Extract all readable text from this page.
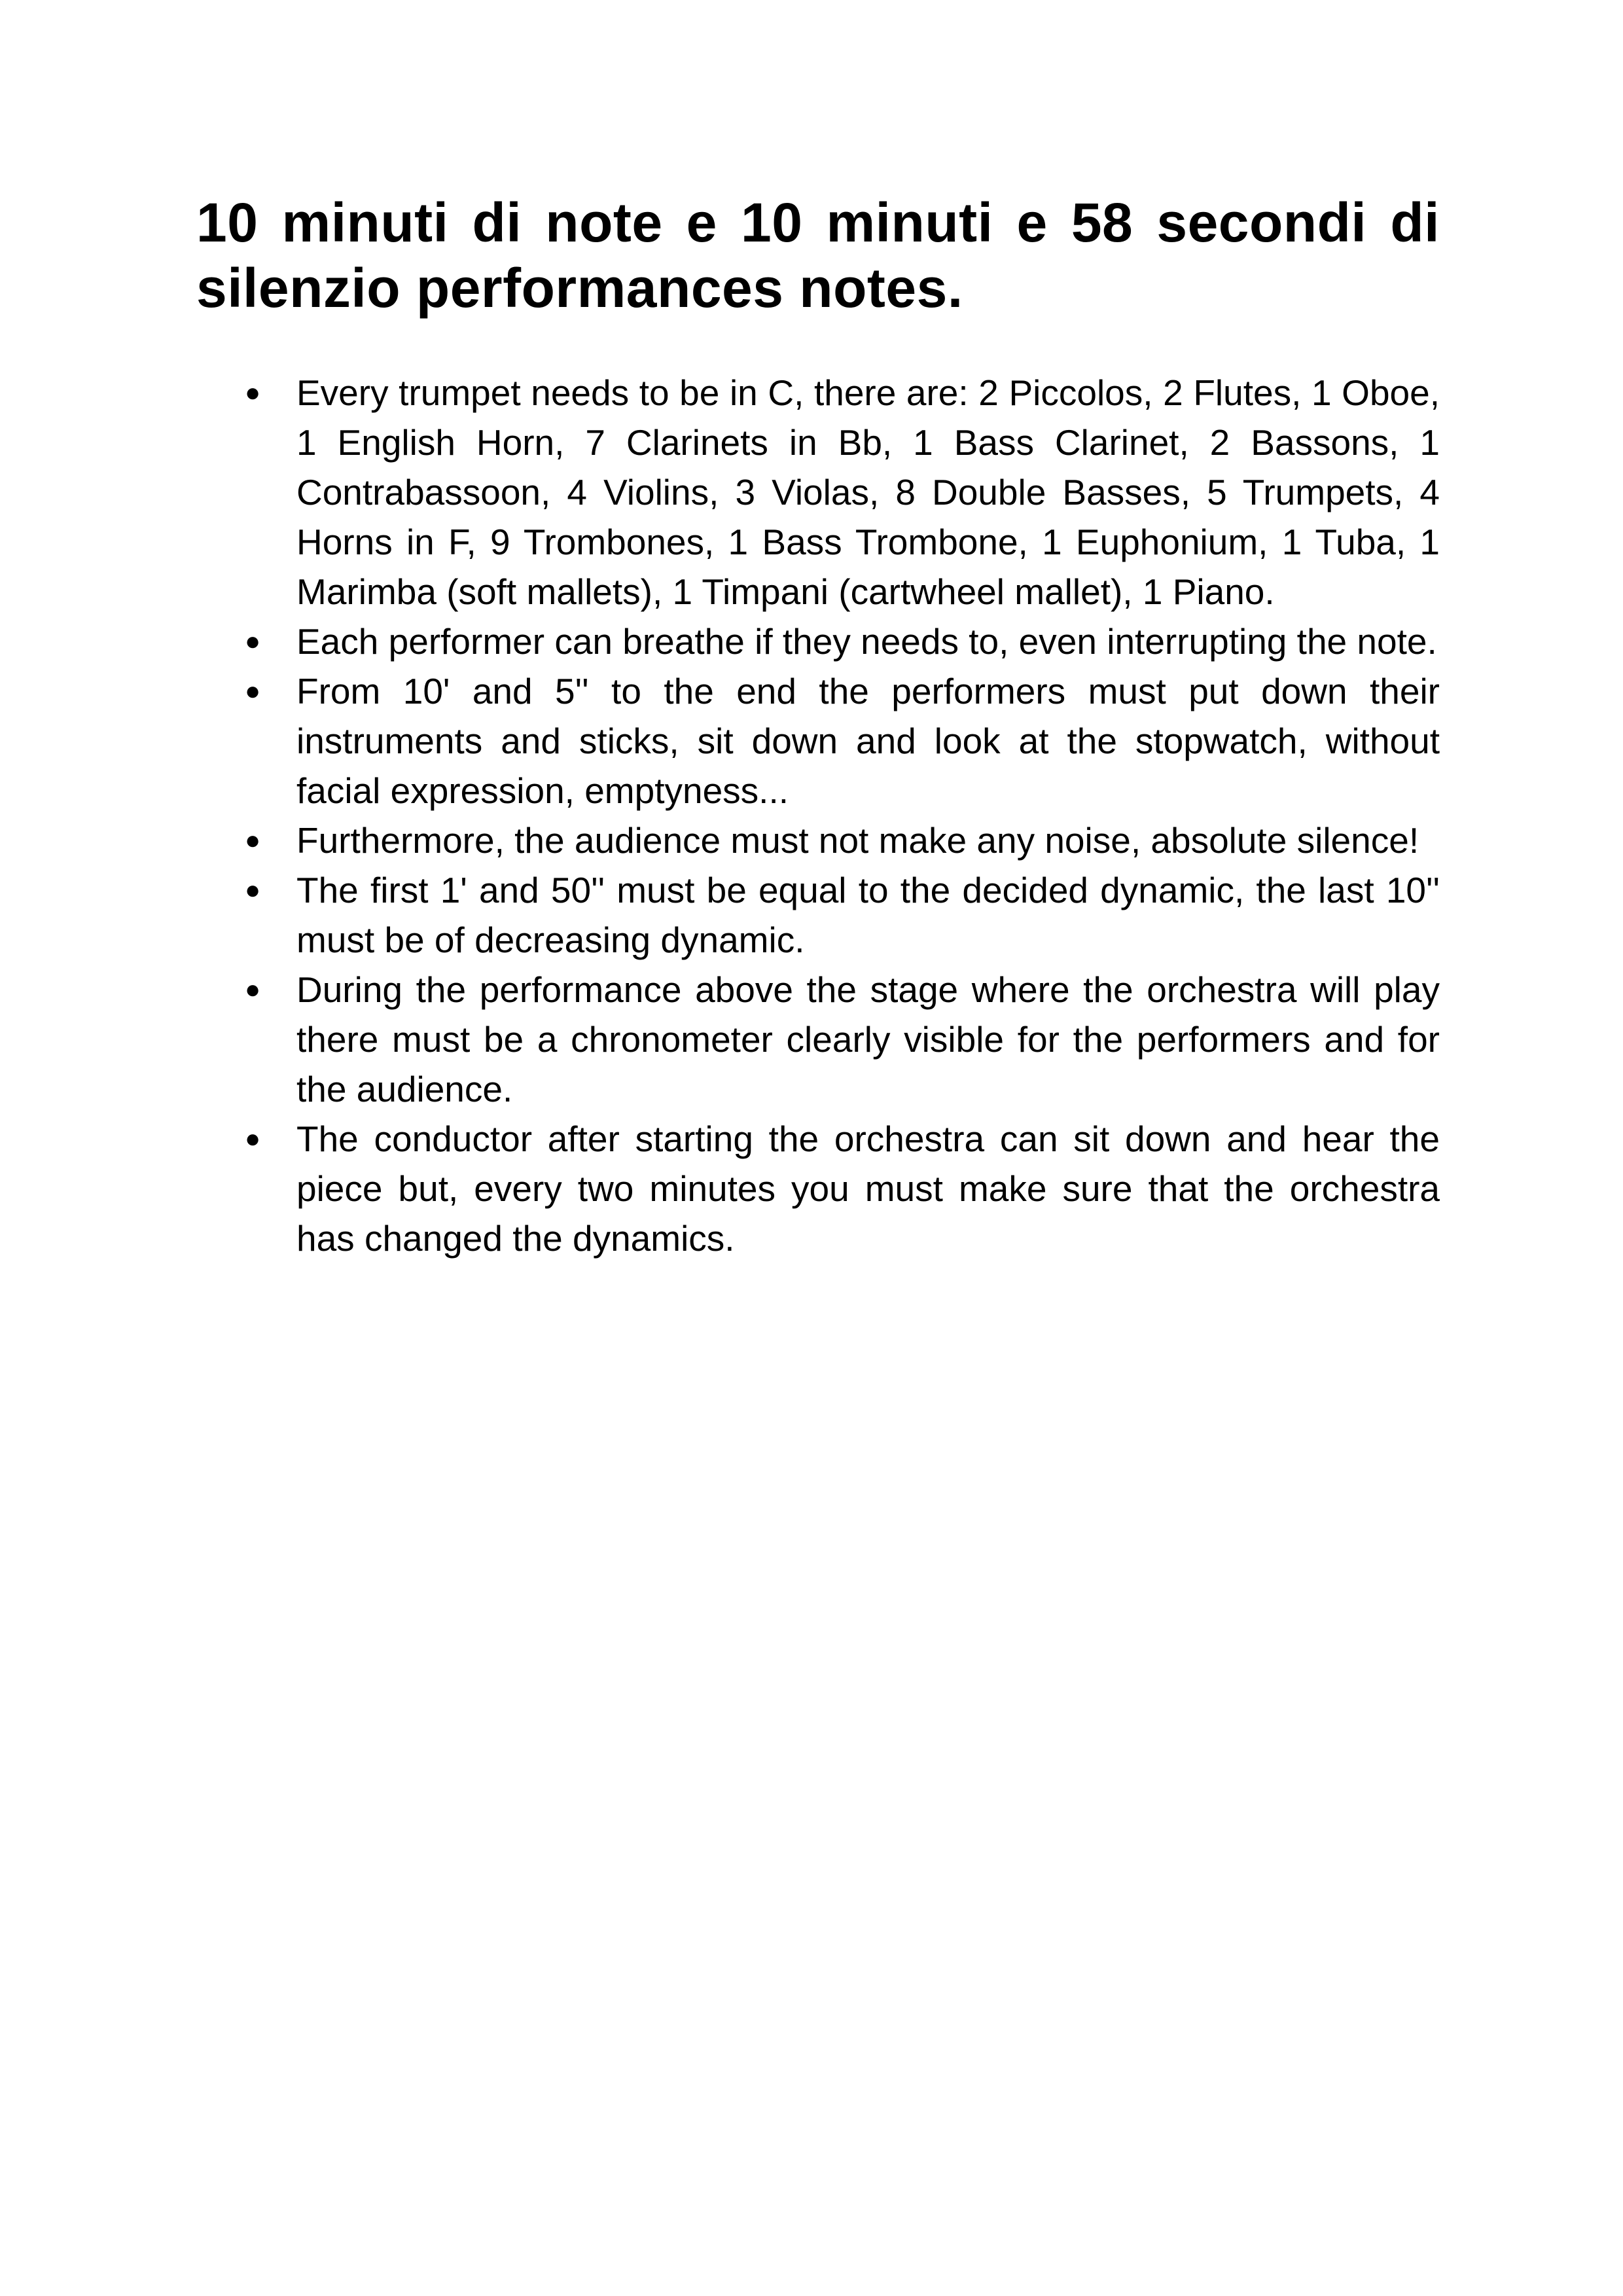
10 minuti di note e 10 minuti e 58 secondi di silenzio performances notes.
● Every trumpet needs to be in C, there are: 2 Piccolos, 2 Flutes, 1 Oboe, 1 English Horn, 7 Clarinets in Bb, 1 Bass Clarinet, 2 Bassons, 1 Contrabassoon, 4 Violins, 3 Violas, 8 Double Basses, 5 Trumpets, 4 Horns in F, 9 Trombones, 1 Bass Trombone, 1 Euphonium, 1 Tuba, 1 Marimba (soft mallets), 1 Timpani (cartwheel mallet), 1 Piano.
● Each performer can breathe if they needs to, even interrupting the note.
● From 10' and 5'' to the end the performers must put down their instruments and sticks, sit down and look at the stopwatch, without facial expression, emptyness...
● Furthermore, the audience must not make any noise, absolute silence!
● The first 1' and 50'' must be equal to the decided dynamic, the last 10'' must be of decreasing dynamic.
● During the performance above the stage where the orchestra will play there must be a chronometer clearly visible for the performers and for the audience.
● The conductor after starting the orchestra can sit down and hear the piece but, every two minutes you must make sure that the orchestra has changed the dynamics.
